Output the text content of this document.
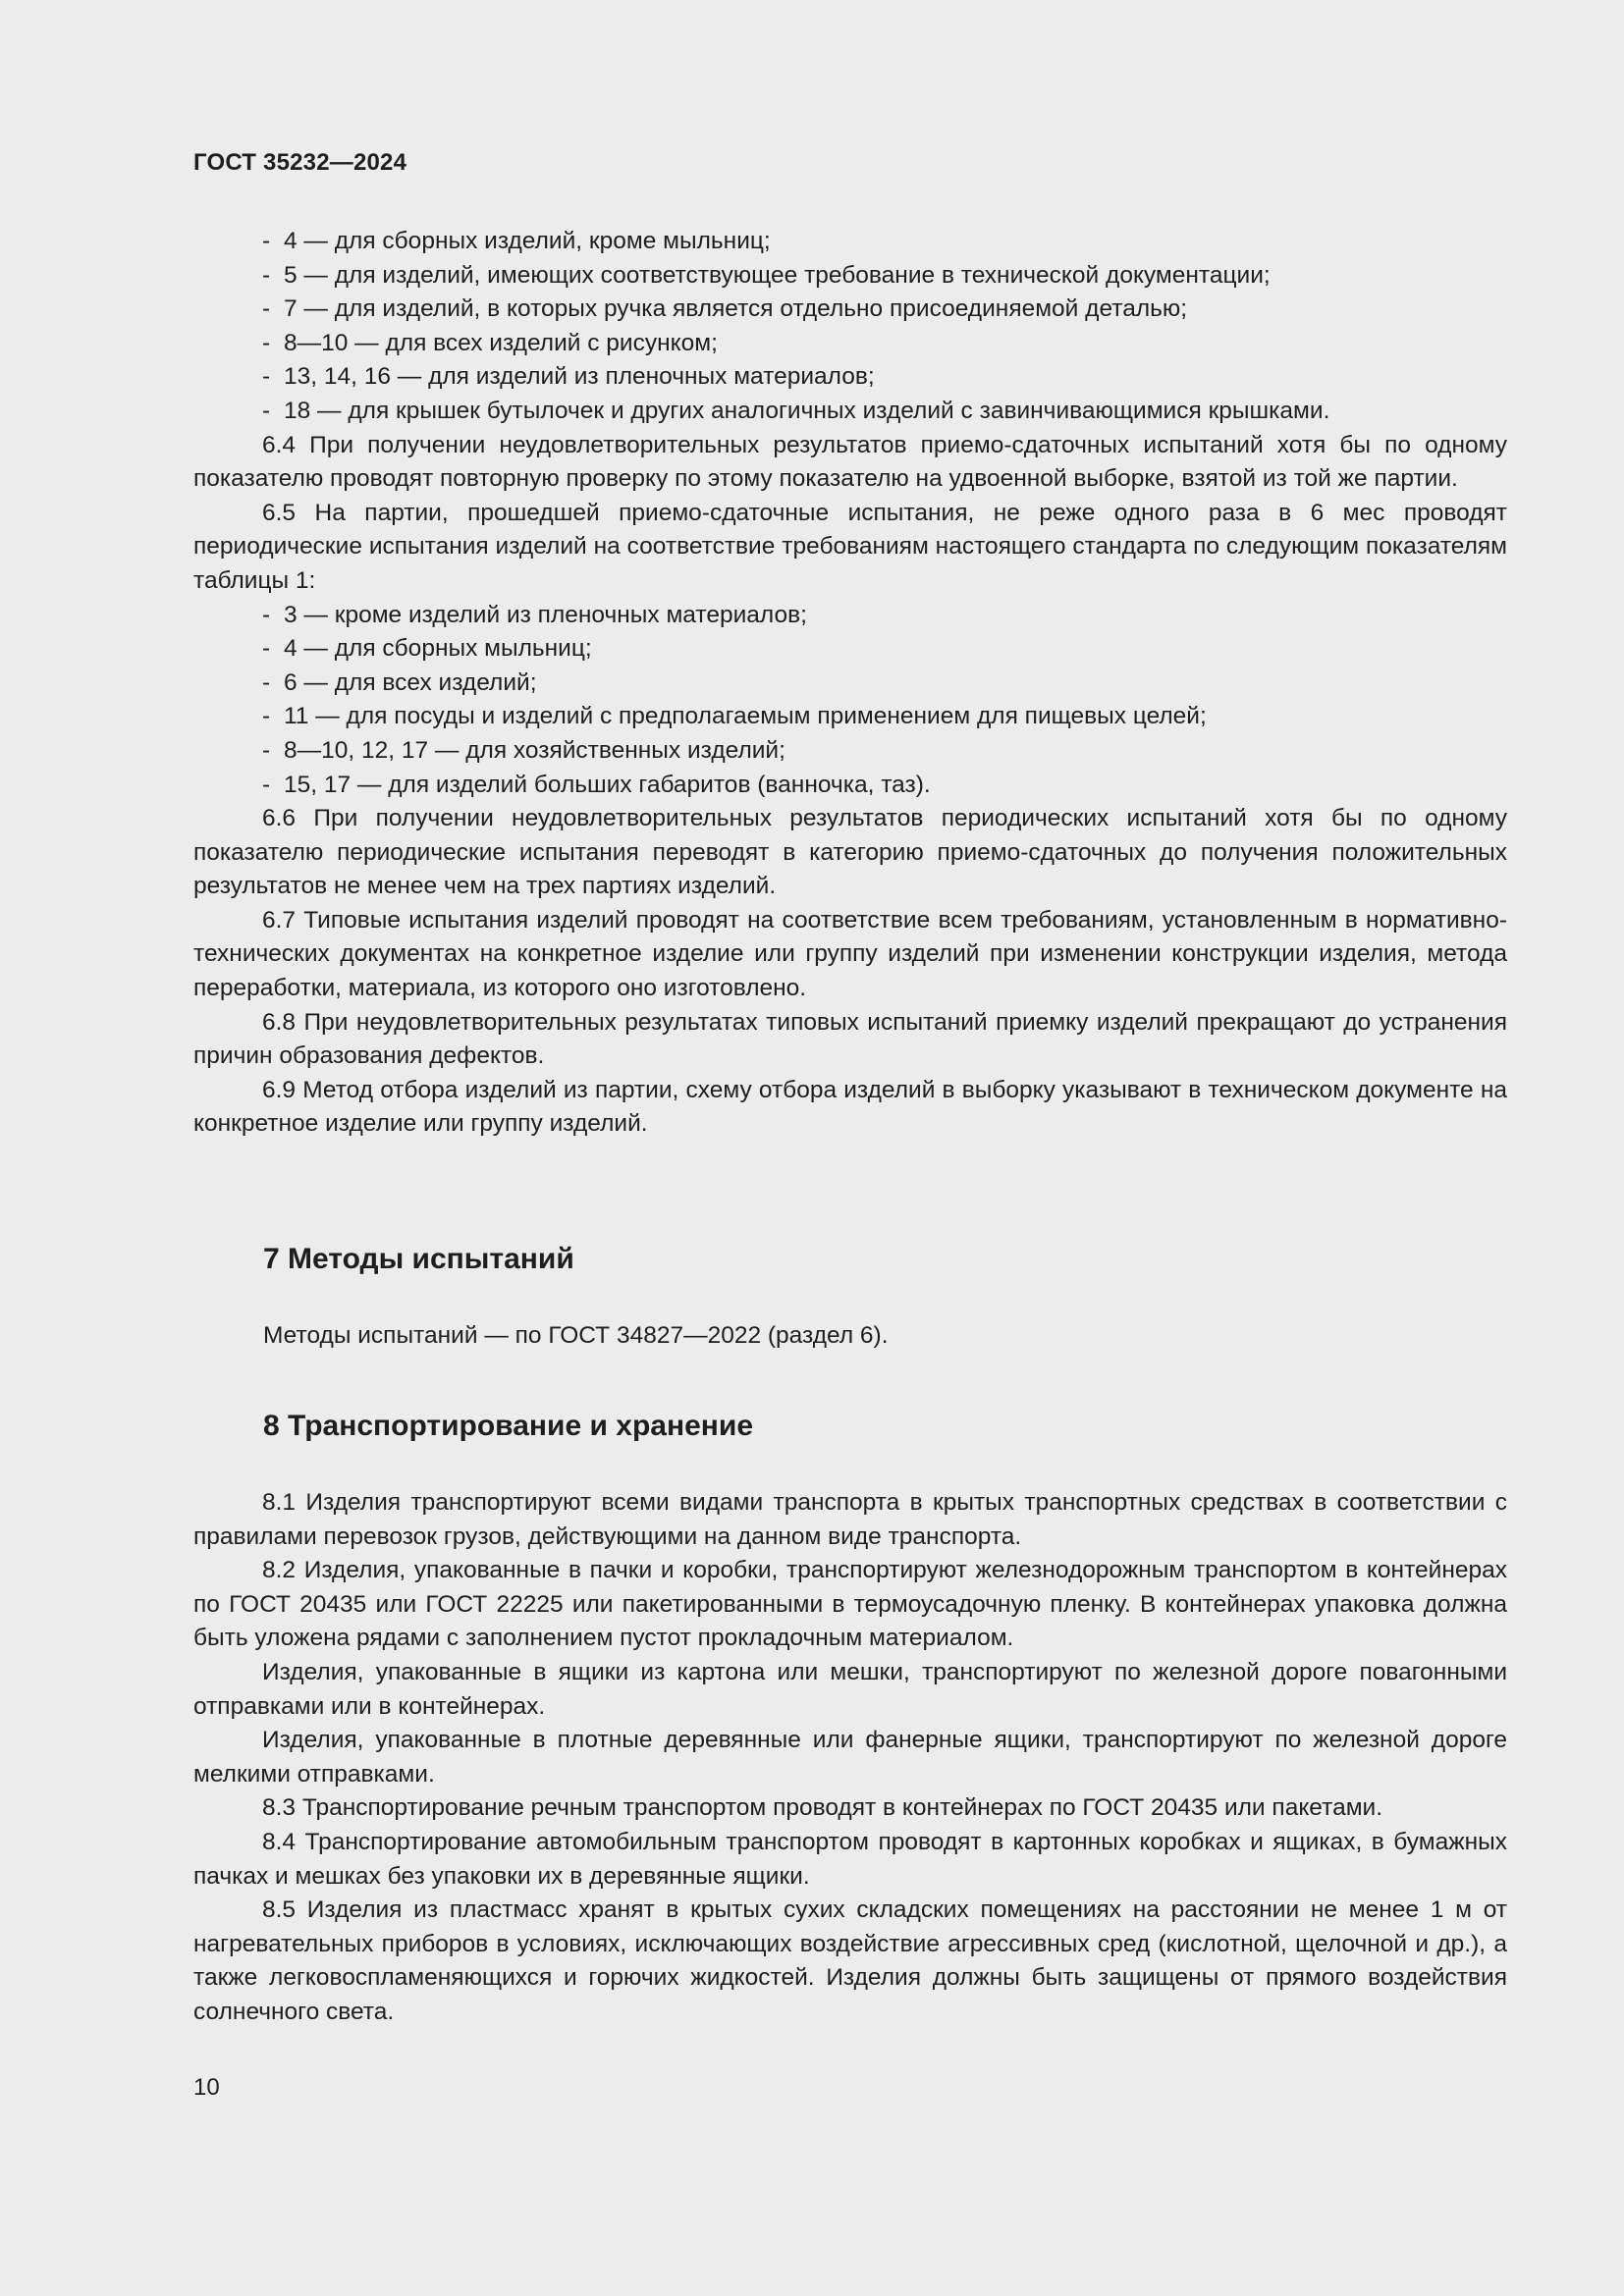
ГОСТ 35232—2024
- 4 — для сборных изделий, кроме мыльниц;
- 5 — для изделий, имеющих соответствующее требование в технической документации;
- 7 — для изделий, в которых ручка является отдельно присоединяемой деталью;
- 8—10 — для всех изделий с рисунком;
- 13, 14, 16 — для изделий из пленочных материалов;
- 18 — для крышек бутылочек и других аналогичных изделий с завинчивающимися крышками.

6.4 При получении неудовлетворительных результатов приемо-сдаточных испытаний хотя бы по одному показателю проводят повторную проверку по этому показателю на удвоенной выборке, взятой из той же партии.

6.5 На партии, прошедшей приемо-сдаточные испытания, не реже одного раза в 6 мес проводят периодические испытания изделий на соответствие требованиям настоящего стандарта по следующим показателям таблицы 1:

- 3 — кроме изделий из пленочных материалов;
- 4 — для сборных мыльниц;
- 6 — для всех изделий;
- 11 — для посуды и изделий с предполагаемым применением для пищевых целей;
- 8—10, 12, 17 — для хозяйственных изделий;
- 15, 17 — для изделий больших габаритов (ванночка, таз).

6.6 При получении неудовлетворительных результатов периодических испытаний хотя бы по одному показателю периодические испытания переводят в категорию приемо-сдаточных до получения положительных результатов не менее чем на трех партиях изделий.

6.7 Типовые испытания изделий проводят на соответствие всем требованиям, установленным в нормативно-технических документах на конкретное изделие или группу изделий при изменении конструкции изделия, метода переработки, материала, из которого оно изготовлено.

6.8 При неудовлетворительных результатах типовых испытаний приемку изделий прекращают до устранения причин образования дефектов.

6.9 Метод отбора изделий из партии, схему отбора изделий в выборку указывают в техническом документе на конкретное изделие или группу изделий.

7 Методы испытаний
Методы испытаний — по ГОСТ 34827—2022 (раздел 6).
8 Транспортирование и хранение

8.1 Изделия транспортируют всеми видами транспорта в крытых транспортных средствах в соответствии с правилами перевозок грузов, действующими на данном виде транспорта.

8.2 Изделия, упакованные в пачки и коробки, транспортируют железнодорожным транспортом в контейнерах по ГОСТ 20435 или ГОСТ 22225 или пакетированными в термоусадочную пленку. В контейнерах упаковка должна быть уложена рядами с заполнением пустот прокладочным материалом.

Изделия, упакованные в ящики из картона или мешки, транспортируют по железной дороге повагонными отправками или в контейнерах.

Изделия, упакованные в плотные деревянные или фанерные ящики, транспортируют по железной дороге мелкими отправками.

8.3 Транспортирование речным транспортом проводят в контейнерах по ГОСТ 20435 или пакетами.

8.4 Транспортирование автомобильным транспортом проводят в картонных коробках и ящиках, в бумажных пачках и мешках без упаковки их в деревянные ящики.

8.5 Изделия из пластмасс хранят в крытых сухих складских помещениях на расстоянии не менее 1 м от нагревательных приборов в условиях, исключающих воздействие агрессивных сред (кислотной, щелочной и др.), а также легковоспламеняющихся и горючих жидкостей. Изделия должны быть защищены от прямого воздействия солнечного света.

10
